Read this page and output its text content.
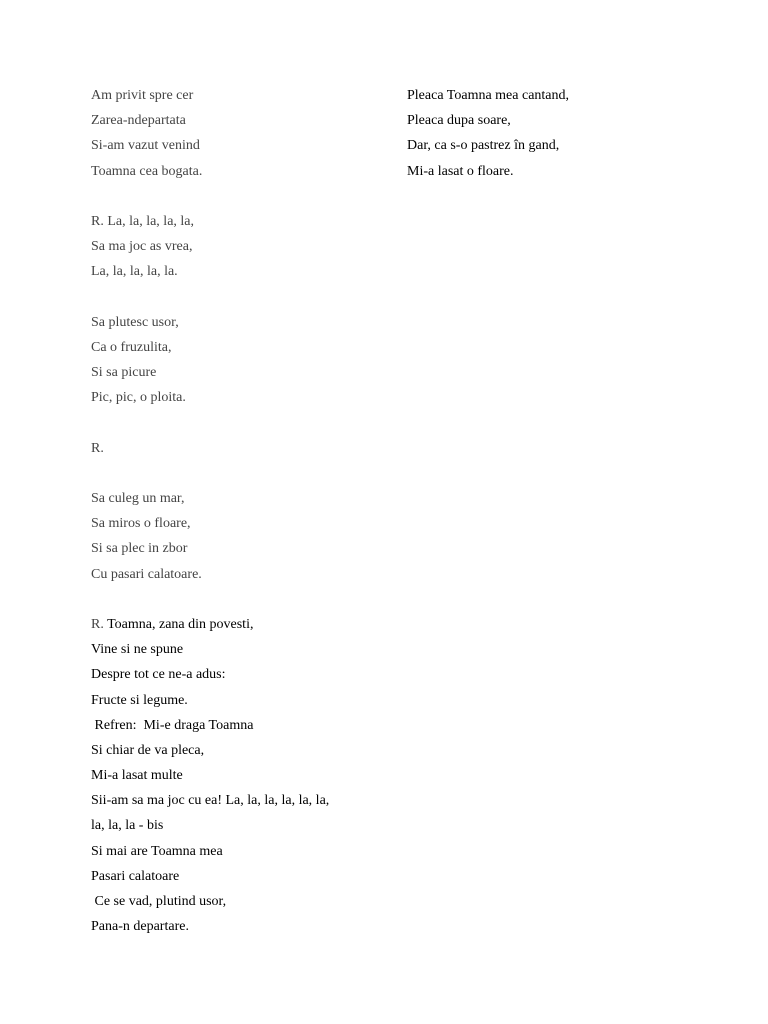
Am privit spre cer
Zarea-ndepartata
Si-am vazut venind
Toamna cea bogata.
R. La, la, la, la, la,
Sa ma joc as vrea,
La, la, la, la, la.
Sa plutesc usor,
Ca o fruzulita,
Si sa picure
Pic, pic, o ploita.
R.
Sa culeg un mar,
Sa miros o floare,
Si sa plec in zbor
Cu pasari calatoare.
R. Toamna, zana din povesti,
Vine si ne spune
Despre tot ce ne-a adus:
Fructe si legume.
Refren:  Mi-e draga Toamna
Si chiar de va pleca,
Mi-a lasat multe
Sii-am sa ma joc cu ea! La, la, la, la, la, la,
la, la, la - bis
Si mai are Toamna mea
Pasari calatoare
Ce se vad, plutind usor,
Pana-n departare.
Pleaca Toamna mea cantand,
Pleaca dupa soare,
Dar, ca s-o pastrez în gand,
Mi-a lasat o floare.
